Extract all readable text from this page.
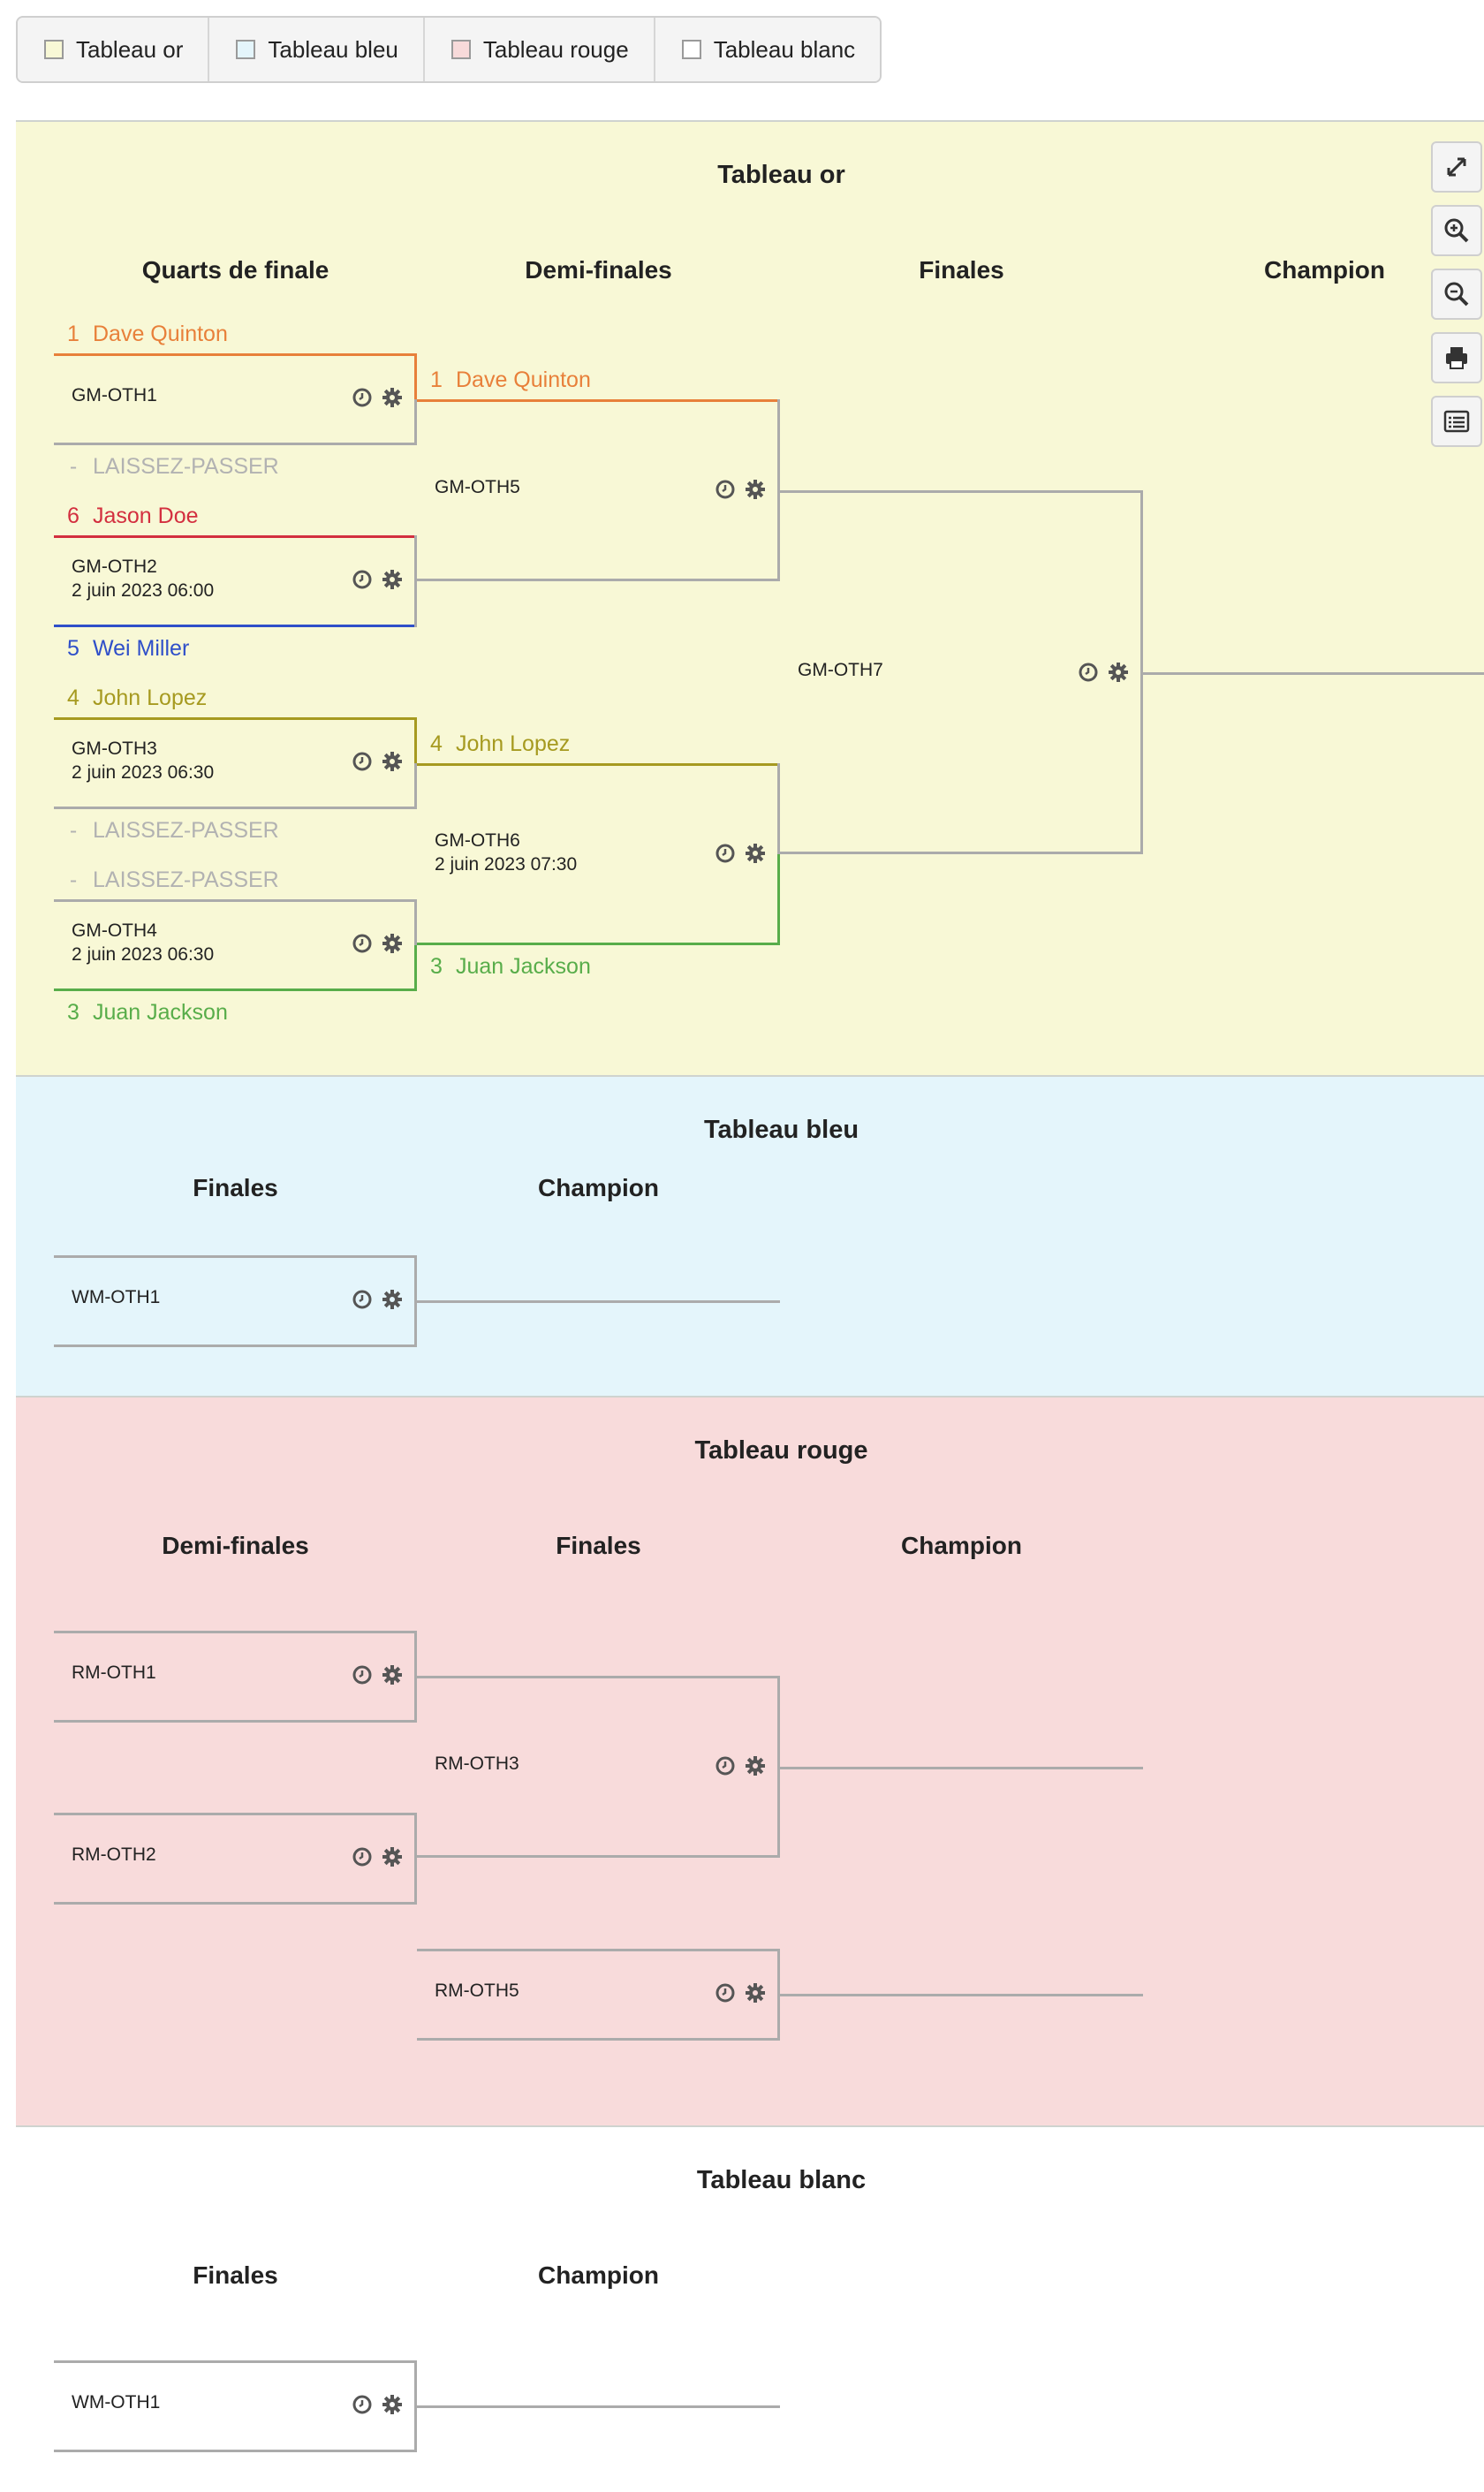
Tableau or	Tableau bleu	Tableau rouge	Tableau blanc
Tableau or
Quarts de finale	Demi-finales	Finales	Champion
1 Dave Quinton
GM-OTH1
- LAISSEZ-PASSER
6 Jason Doe
GM-OTH2
2 juin 2023 06:00
5 Wei Miller
4 John Lopez
GM-OTH3
2 juin 2023 06:30
- LAISSEZ-PASSER
- LAISSEZ-PASSER
GM-OTH4
2 juin 2023 06:30
3 Juan Jackson
1 Dave Quinton
GM-OTH5
4 John Lopez
GM-OTH6
2 juin 2023 07:30
3 Juan Jackson
GM-OTH7
Tableau bleu
Finales	Champion
WM-OTH1
Tableau rouge
Demi-finales	Finales	Champion
RM-OTH1
RM-OTH2
RM-OTH3
RM-OTH5
Tableau blanc
Finales	Champion
WM-OTH1
